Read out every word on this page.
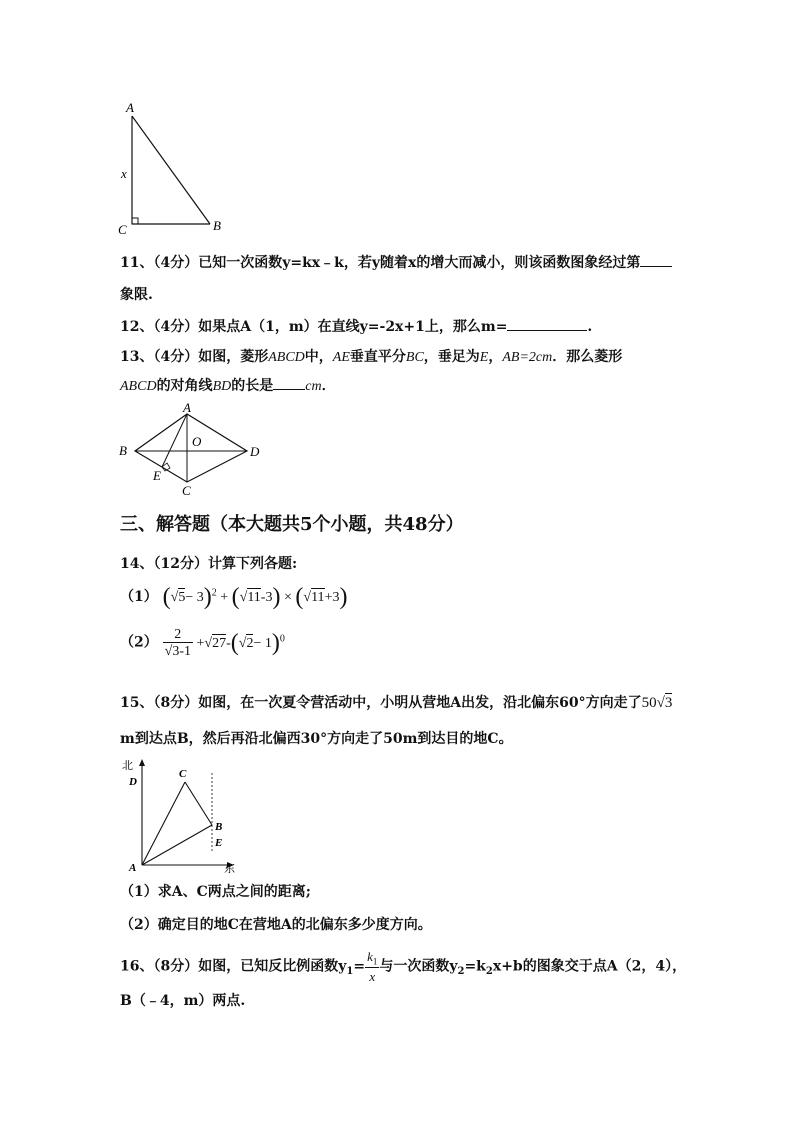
A
C	B
x
11、（4分）已知一次函数y=kx﹣k，若y随着x的增大而减小，则该函数图象经过第
象限.
12、（4分）如果点A（1，m）在直线y=-2x+1上，那么m=	.
13、（4分）如图，菱形ABCD中，AE垂直平分BC，垂足为E，AB=2cm．那么菱形
ABCD的对角线BD的长是 cm．
A
B	D
C
O
E
三、解答题（本大题共5个小题，共48分）
14、（12分）计算下列各题:
（1） $(√5- 3)^2 + (√11-3) \times (√11+3)$
$(2) \frac{2}{√3-1} +√27-(√2- 1)^0$
15、（8分）如图，在一次夏令营活动中，小明从营地A出发，沿北偏东60°方向走了50√3
m到达点B，然后再沿北偏西30°方向走了50m到达目的地C。
北
D
C
B
E
A	东
（1）求A、C两点之间的距离;
（2）确定目的地C在营地A的北偏东多少度方向。
16、（8分）如图，已知反比例函数$y_1= \frac{k_1}{x}$ 与一次函数$y_2=k_2x+b$的图象交于点A（2，4），
B（﹣4，m）两点.
